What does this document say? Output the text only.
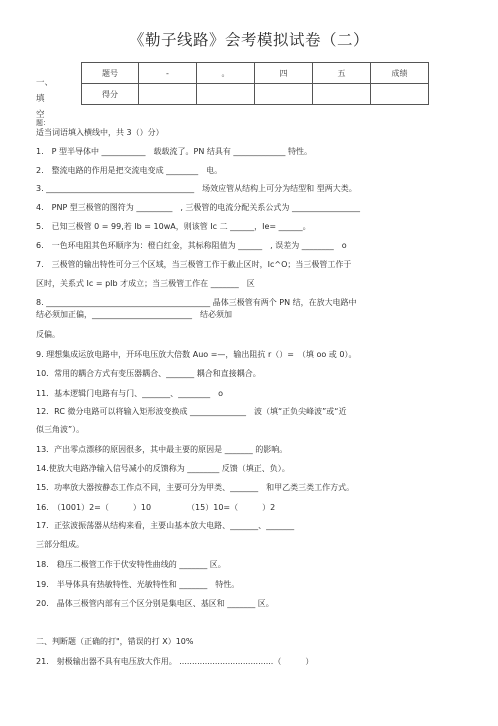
《勒子线路》会考模拟试卷（二）
题号	-	。	四	五	成绩
得分					
一、
填
空
题：
适当词语填入横线中，共 3（）分）
1.　P 型半导体中 ___________　载载流了。PN 结具有 _____________ 特性。
2.　整流电路的作用是把交流电变成 ________　电。
3. _____________________________________　场效应管从结构上可分为结型和 型两大类。
4.　PNP 型三极管的图符为 _________　, 三极管的电流分配关系公式为 _________________
5.　已知三极管 0 = 99,若 Ib = 10wA，则该管 Ic 二 ______，Ie= ______。
6.　一色环电阻其色环顺序为：橙白红金，其标称阻值为 ______　, 误差为 ________　o
7.　三极管的输出特性可分三个区域，当三极管工作于截止区时，Ic^O；当三极管工作于
区时，关系式 Ic = pIb 才成立；当三极管工作在 _______　区
8. _________________________________________ 晶体三极管有两个 PN 结，在放大电路中
结必须加正偏，_________________________　结必须加
反偏。
9. 理想集成运放电路中，开环电压放大倍数 Auo =—，输出阻抗 r（）=　（填 oo 或 0）。
10．常用的耦合方式有变压器耦合、_______ 耦合和直接耦合。
11．基本逻辑门电路有与门、_______、________　o
12．RC 微分电路可以将输入矩形波变换成 ______________　波（填“正负尖峰波”或“近
似三角波”）。
13．产出零点漂移的原因很多，其中最主要的原因是 _______ 的影响。
14.使放大电路净输入信号减小的反馈称为 ________ 反馈（填正、负）。
15．功率放大器按静态工作点不同，主要可分为甲类、_______　和甲乙类三类工作方式。
16.　（1001）2=（　　　）10　　　　　（15）10=（　　　）2
17．正弦波振荡器从结构来看，主要山基本放大电路、_______、_______
三部分组成。
18.　稳压二极管工作于伏安特性曲线的 _______ 区。
19.　半导体具有热敏特性、光敏特性和 _______　特性。
20.　晶体三极管内部有三个区分别是集电区、基区和 _______ 区。
二、判断题（正确的打"，错误的打 X）10%
21.　射极输出器不具有电压放大作用。 .....................................（　　　）
